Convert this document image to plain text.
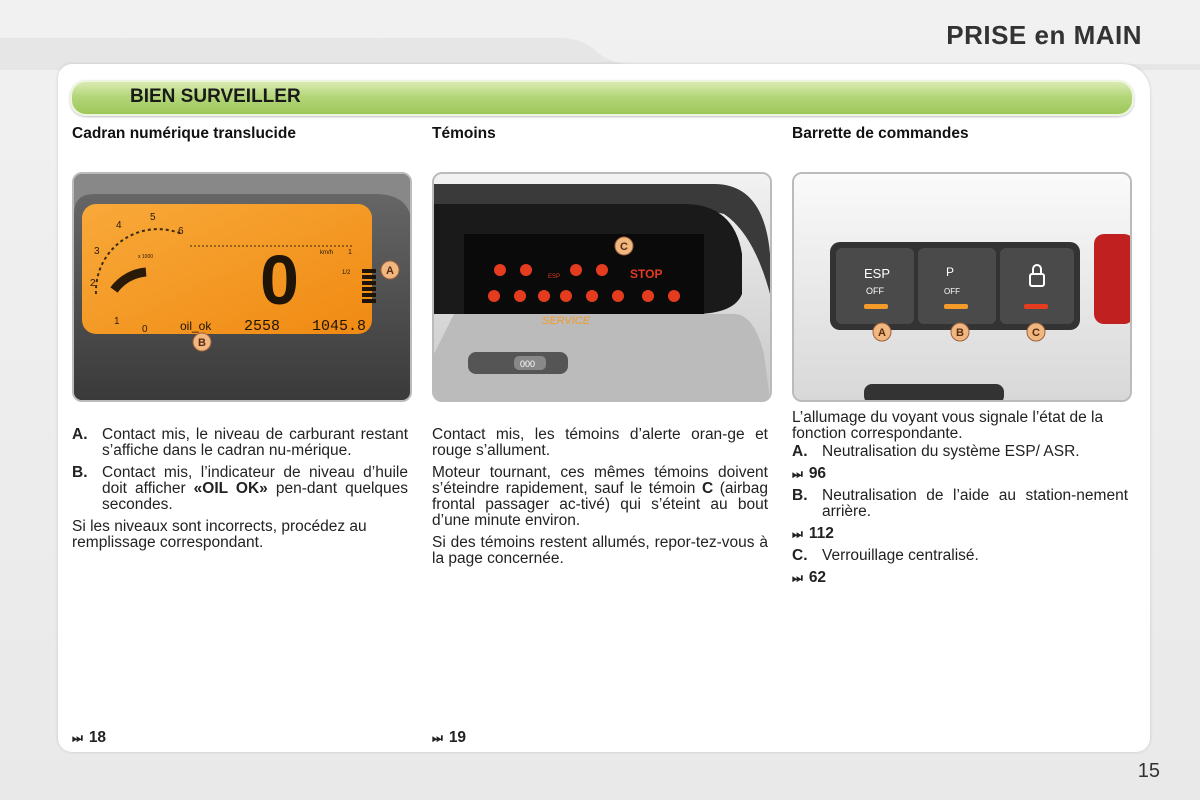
PRISE en MAIN
BIEN SURVEILLER
Cadran numérique translucide	Témoins	Barrette de commandes
1
0
2
3
4
5
6
x 1000 0	km/h 1
1/2
oil_ok 2558 1045.8
A
B
ESP	STOP
SERVICE
C
000
ESP
OFF
P
OFF
A	B	C
A. Contact mis, le niveau de carburant restant s’affiche dans le cadran nu-mérique.
B. Contact mis, l’indicateur de niveau d’huile doit afficher «OIL OK» pen-dant quelques secondes.

Si les niveaux sont incorrects, procédez au remplissage correspondant.

⏭ 18

Contact mis, les témoins d’alerte oran-ge et rouge s’allument.

Moteur tournant, ces mêmes témoins doivent s’éteindre rapidement, sauf le témoin C (airbag frontal passager ac-tivé) qui s’éteint au bout d’une minute environ.

Si des témoins restent allumés, repor-tez-vous à la page concernée.

⏭ 19

L’allumage du voyant vous signale l’état de la fonction correspondante.

A. Neutralisation du système ESP/ ASR.
⏭ 96
B. Neutralisation de l’aide au station-nement arrière.
⏭ 112
C. Verrouillage centralisé.
⏭ 62
15
